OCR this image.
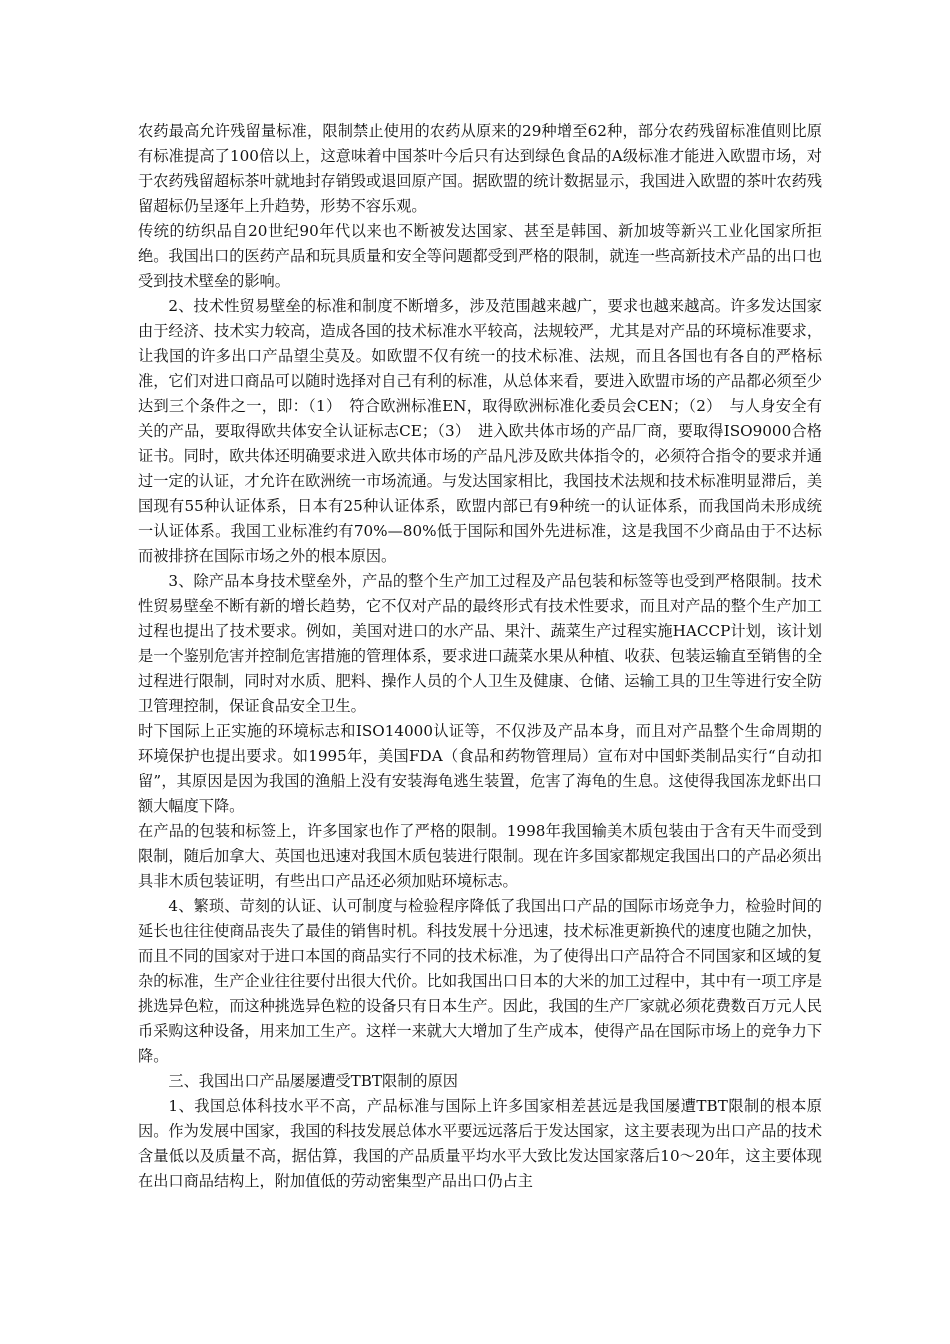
农药最高允许残留量标准，限制禁止使用的农药从原来的29种增至62种，部分农药残留标准值则比原有标准提高了100倍以上，这意味着中国茶叶今后只有达到绿色食品的A级标准才能进入欧盟市场，对于农药残留超标茶叶就地封存销毁或退回原产国。据欧盟的统计数据显示，我国进入欧盟的茶叶农药残留超标仍呈逐年上升趋势，形势不容乐观。

传统的纺织品自20世纪90年代以来也不断被发达国家、甚至是韩国、新加坡等新兴工业化国家所拒绝。我国出口的医药产品和玩具质量和安全等问题都受到严格的限制，就连一些高新技术产品的出口也受到技术壁垒的影响。

2、技术性贸易壁垒的标准和制度不断增多，涉及范围越来越广，要求也越来越高。许多发达国家由于经济、技术实力较高，造成各国的技术标准水平较高，法规较严，尤其是对产品的环境标准要求，让我国的许多出口产品望尘莫及。如欧盟不仅有统一的技术标准、法规，而且各国也有各自的严格标准，它们对进口商品可以随时选择对自己有利的标准，从总体来看，要进入欧盟市场的产品都必须至少达到三个条件之一，即：（1）　符合欧洲标准EN，取得欧洲标准化委员会CEN；（2）　与人身安全有关的产品，要取得欧共体安全认证标志CE；（3）　进入欧共体市场的产品厂商，要取得ISO9000合格证书。同时，欧共体还明确要求进入欧共体市场的产品凡涉及欧共体指令的，必须符合指令的要求并通过一定的认证，才允许在欧洲统一市场流通。与发达国家相比，我国技术法规和技术标准明显滞后，美国现有55种认证体系，日本有25种认证体系，欧盟内部已有9种统一的认证体系，而我国尚未形成统一认证体系。我国工业标准约有70%—80%低于国际和国外先进标准，这是我国不少商品由于不达标而被排挤在国际市场之外的根本原因。

3、除产品本身技术壁垒外，产品的整个生产加工过程及产品包装和标签等也受到严格限制。技术性贸易壁垒不断有新的增长趋势，它不仅对产品的最终形式有技术性要求，而且对产品的整个生产加工过程也提出了技术要求。例如，美国对进口的水产品、果汁、蔬菜生产过程实施HACCP计划，该计划是一个鉴别危害并控制危害措施的管理体系，要求进口蔬菜水果从种植、收获、包装运输直至销售的全过程进行限制，同时对水质、肥料、操作人员的个人卫生及健康、仓储、运输工具的卫生等进行安全防卫管理控制，保证食品安全卫生。

时下国际上正实施的环境标志和ISO14000认证等，不仅涉及产品本身，而且对产品整个生命周期的环境保护也提出要求。如1995年，美国FDA（食品和药物管理局）宣布对中国虾类制品实行“自动扣留”，其原因是因为我国的渔船上没有安装海龟逃生装置，危害了海龟的生息。这使得我国冻龙虾出口额大幅度下降。

在产品的包装和标签上，许多国家也作了严格的限制。1998年我国输美木质包装由于含有天牛而受到限制，随后加拿大、英国也迅速对我国木质包装进行限制。现在许多国家都规定我国出口的产品必须出具非木质包装证明，有些出口产品还必须加贴环境标志。

4、繁琐、苛刻的认证、认可制度与检验程序降低了我国出口产品的国际市场竞争力，检验时间的延长也往往使商品丧失了最佳的销售时机。科技发展十分迅速，技术标准更新换代的速度也随之加快，而且不同的国家对于进口本国的商品实行不同的技术标准，为了使得出口产品符合不同国家和区域的复杂的标准，生产企业往往要付出很大代价。比如我国出口日本的大米的加工过程中，其中有一项工序是挑选异色粒，而这种挑选异色粒的设备只有日本生产。因此，我国的生产厂家就必须花费数百万元人民币采购这种设备，用来加工生产。这样一来就大大增加了生产成本，使得产品在国际市场上的竞争力下降。

三、我国出口产品屡屡遭受TBT限制的原因

1、我国总体科技水平不高，产品标准与国际上许多国家相差甚远是我国屡遭TBT限制的根本原因。作为发展中国家，我国的科技发展总体水平要远远落后于发达国家，这主要表现为出口产品的技术含量低以及质量不高，据估算，我国的产品质量平均水平大致比发达国家落后10～20年，这主要体现在出口商品结构上，附加值低的劳动密集型产品出口仍占主
